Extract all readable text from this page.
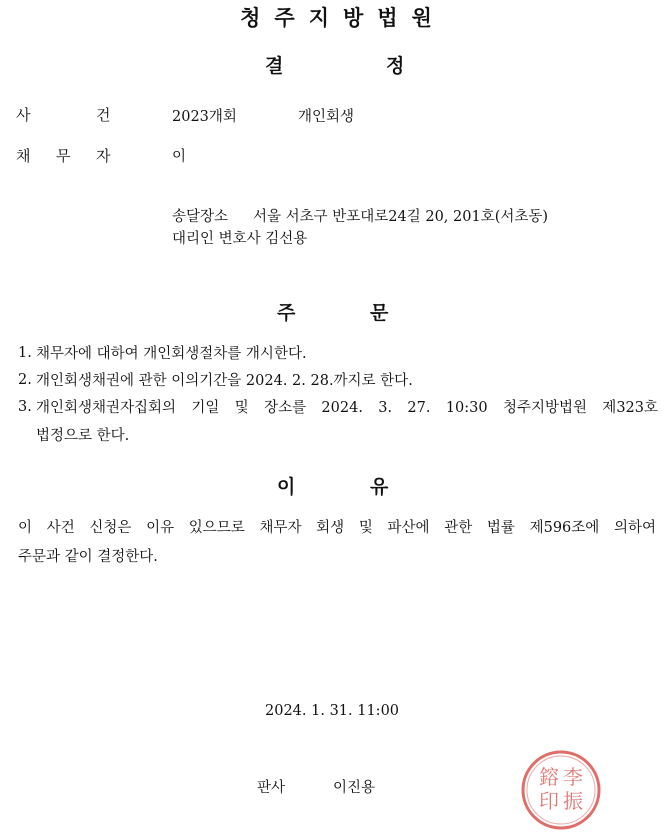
청주지방법원
결	정
사	건	2023개회	개인회생
채 무 자	이
송달장소 서울 서초구 반포대로24길 20, 201호(서초동)
대리인 변호사 김선용
주	문
1. 채무자에 대하여 개인회생절차를 개시한다.
2. 개인회생채권에 관한 이의기간을 2024. 2. 28.까지로 한다.
3. 개인회생채권자집회의 기일 및 장소를 2024. 3. 27. 10:30 청주지방법원 제323호
법정으로 한다.
이	유
이 사건 신청은 이유 있으므로 채무자 회생 및 파산에 관한 법률 제596조에 의하여
주문과 같이 결정한다.
2024. 1. 31. 11:00
판사	이진용	李
振
鎔
印
